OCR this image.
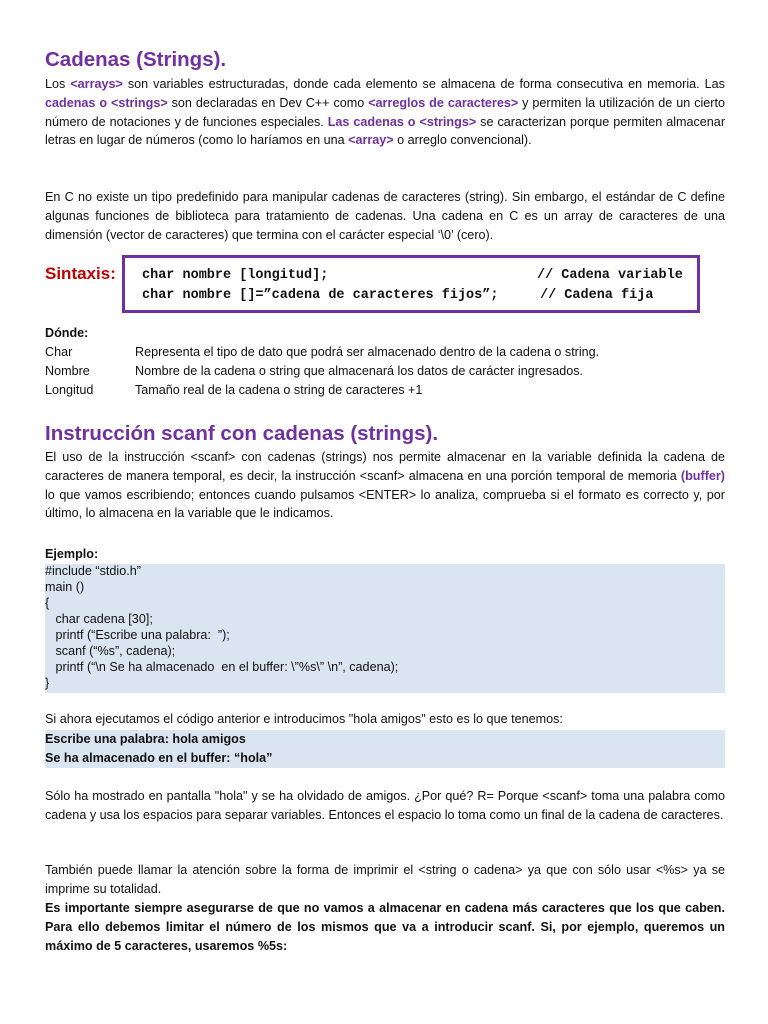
Cadenas (Strings).
Los <arrays> son variables estructuradas, donde cada elemento se almacena de forma consecutiva en memoria. Las cadenas o <strings> son declaradas en Dev C++ como <arreglos de caracteres> y permiten la utilización de un cierto número de notaciones y de funciones especiales. Las cadenas o <strings> se caracterizan porque permiten almacenar letras en lugar de números (como lo haríamos en una <array> o arreglo convencional).
En C no existe un tipo predefinido para manipular cadenas de caracteres (string). Sin embargo, el estándar de C define algunas funciones de biblioteca para tratamiento de cadenas. Una cadena en C es un array de caracteres de una dimensión (vector de caracteres) que termina con el carácter especial ‘\0’ (cero).
Sintaxis: char nombre [longitud];	// Cadena variable
char nombre []=”cadena de caracteres fijos”;	// Cadena fija
Dónde:
Char	Representa el tipo de dato que podrá ser almacenado dentro de la cadena o string.
Nombre	Nombre de la cadena o string que almacenará los datos de carácter ingresados.
Longitud	Tamaño real de la cadena o string de caracteres +1
Instrucción scanf con cadenas (strings).
El uso de la instrucción <scanf> con cadenas (strings) nos permite almacenar en la variable definida la cadena de caracteres de manera temporal, es decir, la instrucción <scanf> almacena en una porción temporal de memoria (buffer) lo que vamos escribiendo; entonces cuando pulsamos <ENTER> lo analiza, comprueba si el formato es correcto y, por último, lo almacena en la variable que le indicamos.
Ejemplo:
#include “stdio.h”
main ()
{
char cadena [30];
printf (“Escribe una palabra:  ”);
scanf (“%s”, cadena);
printf (“\n Se ha almacenado  en el buffer: \”%s\” \n”, cadena);
}
Si ahora ejecutamos el código anterior e introducimos "hola amigos" esto es lo que tenemos:
Escribe una palabra: hola amigos
Se ha almacenado en el buffer: “hola”
Sólo ha mostrado en pantalla "hola" y se ha olvidado de amigos. ¿Por qué? R= Porque <scanf> toma una palabra como cadena y usa los espacios para separar variables. Entonces el espacio lo toma como un final de la cadena de caracteres.
También puede llamar la atención sobre la forma de imprimir el <string o cadena> ya que con sólo usar <%s> ya se imprime su totalidad.
Es importante siempre asegurarse de que no vamos a almacenar en cadena más caracteres que los que caben. Para ello debemos limitar el número de los mismos que va a introducir scanf. Si, por ejemplo, queremos un máximo de 5 caracteres, usaremos %5s:
